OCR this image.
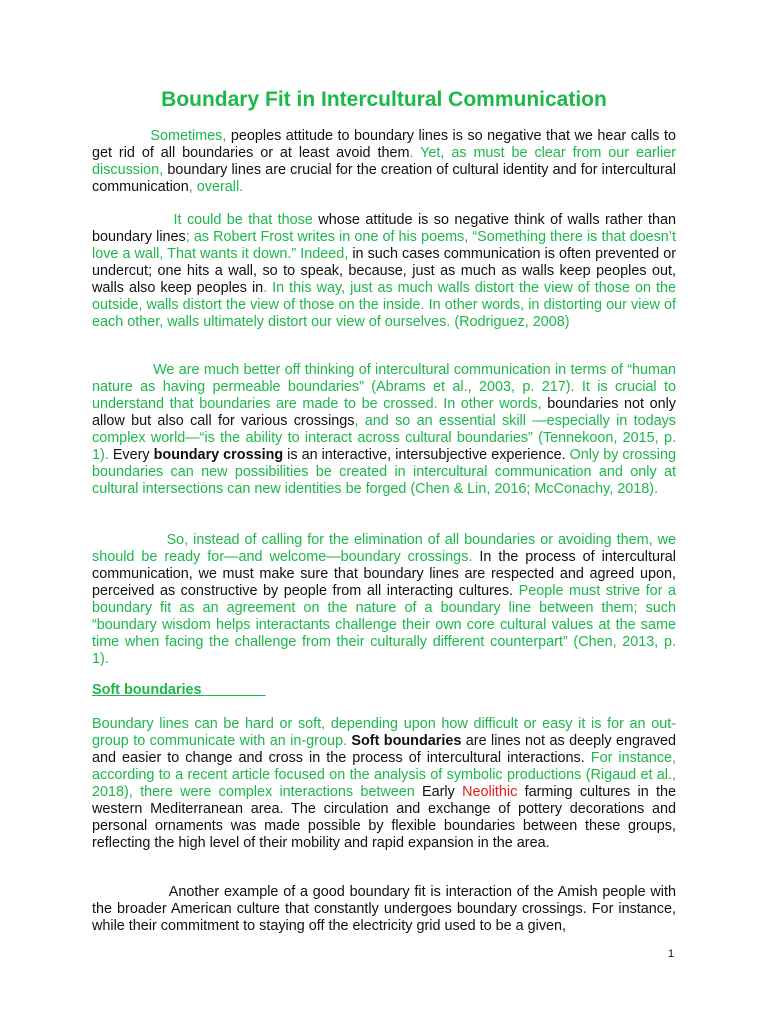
Boundary Fit in Intercultural Communication

Sometimes, peoples attitude to boundary lines is so negative that we hear calls to get rid of all boundaries or at least avoid them. Yet, as must be clear from our earlier discussion, boundary lines are crucial for the creation of cultural identity and for intercultural communication, overall.

It could be that those whose attitude is so negative think of walls rather than boundary lines; as Robert Frost writes in one of his poems, “Something there is that doesn’t love a wall, That wants it down.” Indeed, in such cases communication is often prevented or undercut; one hits a wall, so to speak, because, just as much as walls keep peoples out, walls also keep peoples in. In this way, just as much walls distort the view of those on the outside, walls distort the view of those on the inside. In other words, in distorting our view of each other, walls ultimately distort our view of ourselves. (Rodriguez, 2008)

We are much better off thinking of intercultural communication in terms of “human nature as having permeable boundaries” (Abrams et al., 2003, p. 217). It is crucial to understand that boundaries are made to be crossed. In other words, boundaries not only allow but also call for various crossings, and so an essential skill —especially in todays complex world—“is the ability to interact across cultural boundaries” (Tennekoon, 2015, p. 1). Every boundary crossing is an interactive, intersubjective experience. Only by crossing boundaries can new possibilities be created in intercultural communication and only at cultural intersections can new identities be forged (Chen & Lin, 2016; McConachy, 2018).

So, instead of calling for the elimination of all boundaries or avoiding them, we should be ready for—and welcome—boundary crossings. In the process of intercultural communication, we must make sure that boundary lines are respected and agreed upon, perceived as constructive by people from all interacting cultures. People must strive for a boundary fit as an agreement on the nature of a boundary line between them; such “boundary wisdom helps interactants challenge their own core cultural values at the same time when facing the challenge from their culturally different counterpart” (Chen, 2013, p. 1).

Soft boundaries________

Boundary lines can be hard or soft, depending upon how difficult or easy it is for an out-group to communicate with an in-group. Soft boundaries are lines not as deeply engraved and easier to change and cross in the process of intercultural interactions. For instance, according to a recent article focused on the analysis of symbolic productions (Rigaud et al., 2018), there were complex interactions between Early Neolithic farming cultures in the western Mediterranean area. The circulation and exchange of pottery decorations and personal ornaments was made possible by flexible boundaries between these groups, reflecting the high level of their mobility and rapid expansion in the area.

Another example of a good boundary fit is interaction of the Amish people with the broader American culture that constantly undergoes boundary crossings. For instance, while their commitment to staying off the electricity grid used to be a given,

1
